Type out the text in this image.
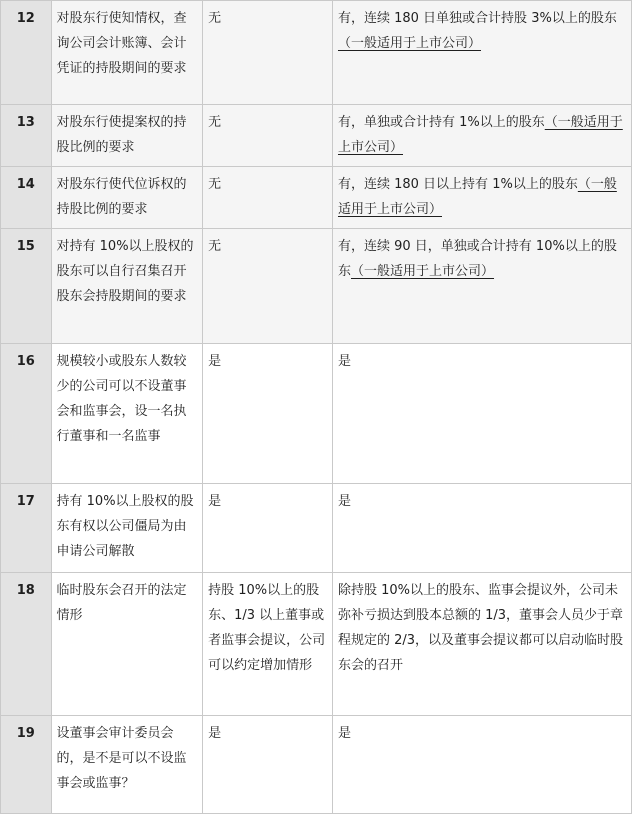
12	对股东行使知情权，查询公司会计账簿、会计凭证的持股期间的要求	无	有，连续 180 日单独或合计持股 3%以上的股东（一般适用于上市公司）
13	对股东行使提案权的持股比例的要求	无	有，单独或合计持有 1%以上的股东（一般适用于上市公司）
14	对股东行使代位诉权的持股比例的要求	无	有，连续 180 日以上持有 1%以上的股东（一般适用于上市公司）
15	对持有 10%以上股权的股东可以自行召集召开股东会持股期间的要求	无	有，连续 90 日，单独或合计持有 10%以上的股东（一般适用于上市公司）
16	规模较小或股东人数较少的公司可以不设董事会和监事会，设一名执行董事和一名监事	是	是
17	持有 10%以上股权的股东有权以公司僵局为由申请公司解散	是	是
18	临时股东会召开的法定情形	持股 10%以上的股东、1/3 以上董事或者监事会提议，公司可以约定增加情形	除持股 10%以上的股东、监事会提议外，公司未弥补亏损达到股本总额的 1/3，董事会人员少于章程规定的 2/3，以及董事会提议都可以启动临时股东会的召开
19	设董事会审计委员会的，是不是可以不设监事会或监事？	是	是
